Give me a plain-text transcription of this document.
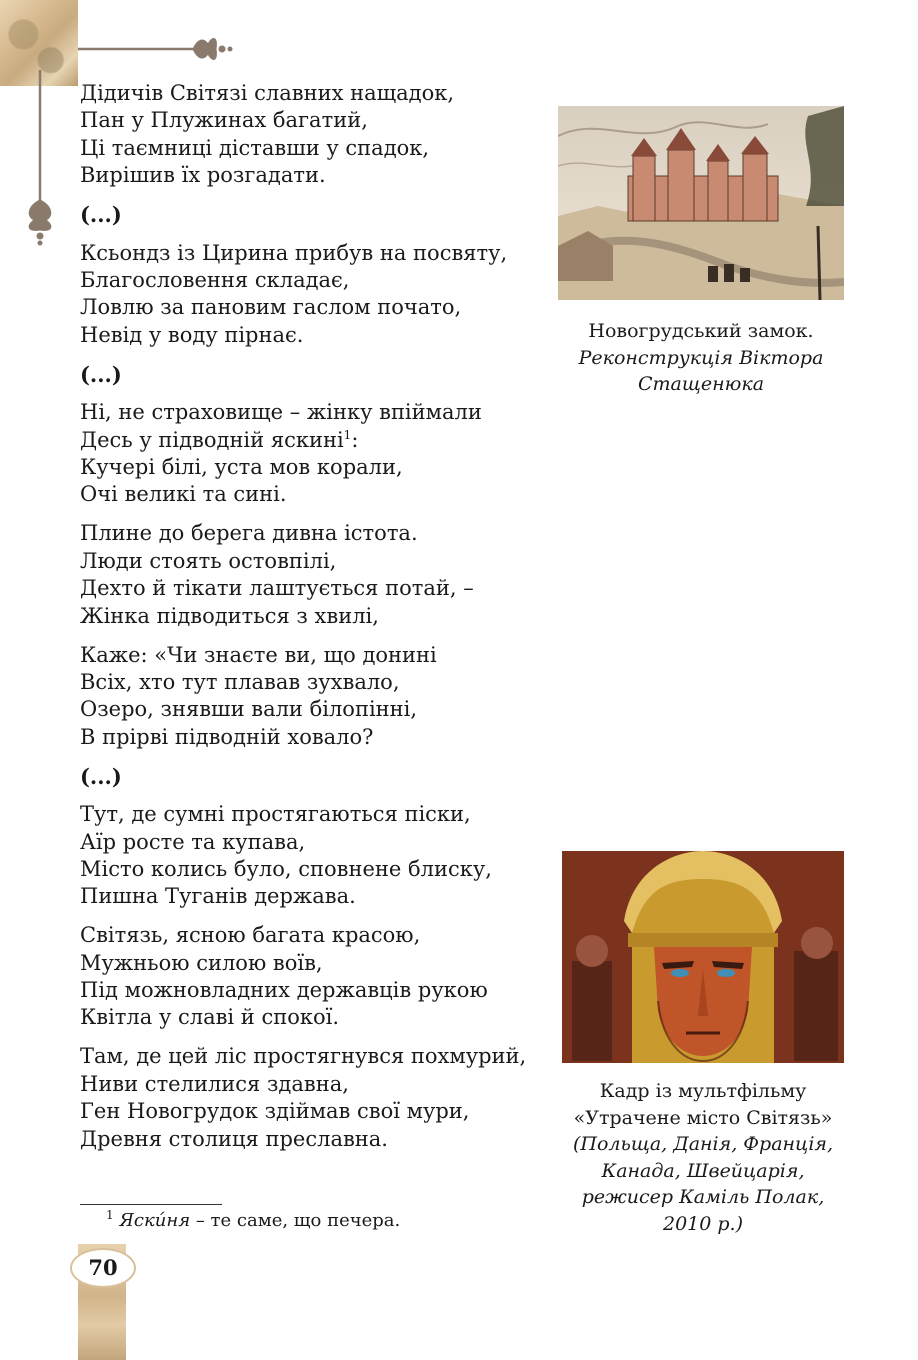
Дідичів Світязі славних нащадок,
Пан у Плужинах багатий,
Ці таємниці діставши у спадок,
Вирішив їх розгадати.
(...)
Ксьондз із Цирина прибув на посвяту,
Благословення складає,
Ловлю за пановим гаслом почато,
Невід у воду пірнає.
(...)
Ні, не страховище – жінку впіймали
Десь у підводній яскині$^1$:
Кучері білі, уста мов корали,
Очі великі та сині.
Плине до берега дивна істота.
Люди стоять остовпілі,
Дехто й тікати лаштується потай, –
Жінка підводиться з хвилі,
Каже: «Чи знаєте ви, що донині
Всіх, хто тут плавав зухвало,
Озеро, знявши вали білопінні,
В прірві підводній ховало?
(...)
Тут, де сумні простягаються піски,
Аїр росте та купава,
Місто колись було, сповнене блиску,
Пишна Туганів держава.
Світязь, ясною багата красою,
Мужньою силою воїв,
Під можновладних державців рукою
Квітла у славі й спокої.
Там, де цей ліс простягнувся похмурий,
Ниви стелилися здавна,
Ген Новогрудок здіймав свої мури,
Древня столиця преславна.
Новогрудський замок.
Реконструкція Віктора
Стащенюка
Кадр із мультфільму
«Утрачене місто Світязь»
(Польща, Данія, Франція,
Канада, Швейцарія,
режисер Каміль Полак,
2010 р.)
$^1$ Яски́ня – те саме, що печера.
70
